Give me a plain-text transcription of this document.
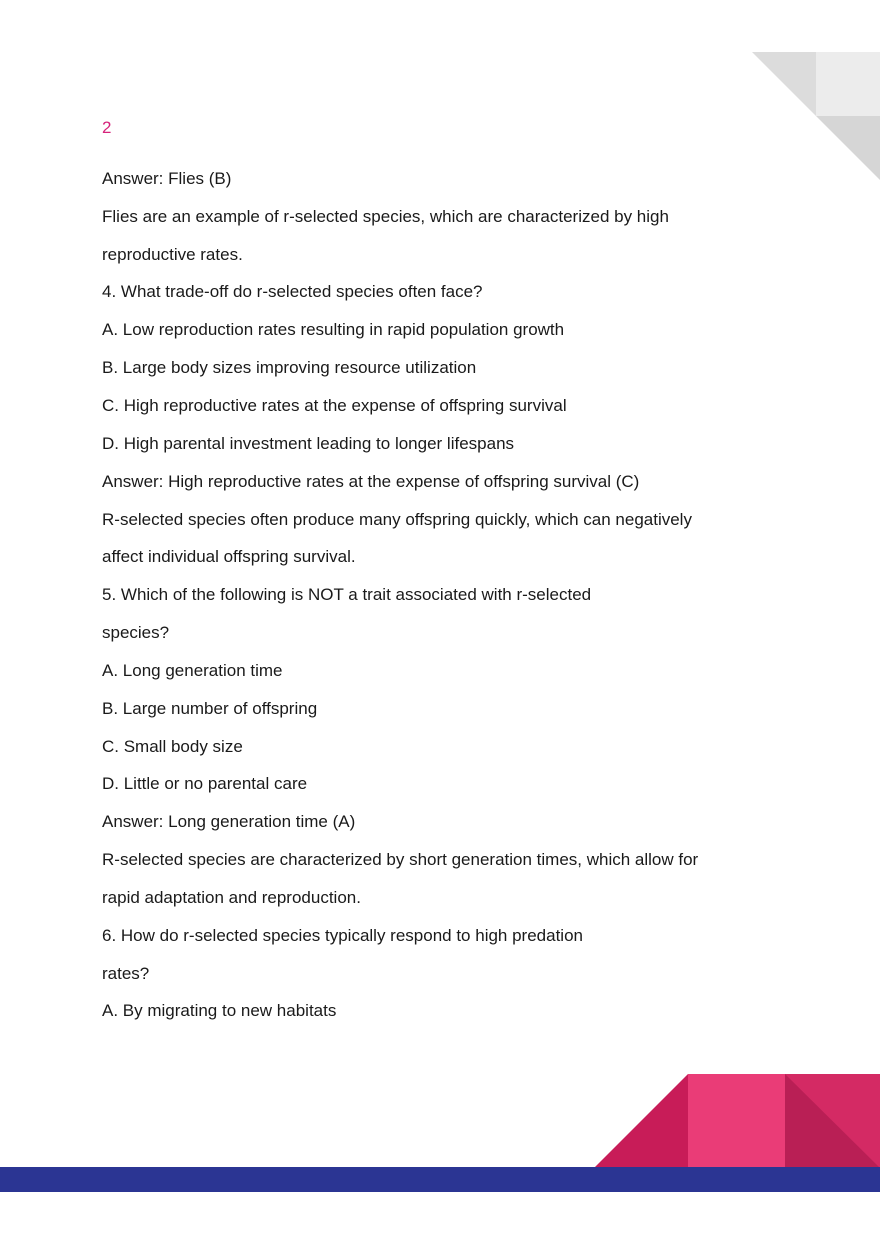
2
Answer: Flies (B)
Flies are an example of r-selected species, which are characterized by high
reproductive rates.
4. What trade-off do r-selected species often face?
A. Low reproduction rates resulting in rapid population growth
B. Large body sizes improving resource utilization
C. High reproductive rates at the expense of offspring survival
D. High parental investment leading to longer lifespans
Answer: High reproductive rates at the expense of offspring survival (C)
R-selected species often produce many offspring quickly, which can negatively
affect individual offspring survival.
5. Which of the following is NOT a trait associated with r-selected
species?
A. Long generation time
B. Large number of offspring
C. Small body size
D. Little or no parental care
Answer: Long generation time (A)
R-selected species are characterized by short generation times, which allow for
rapid adaptation and reproduction.
6. How do r-selected species typically respond to high predation
rates?
A. By migrating to new habitats
